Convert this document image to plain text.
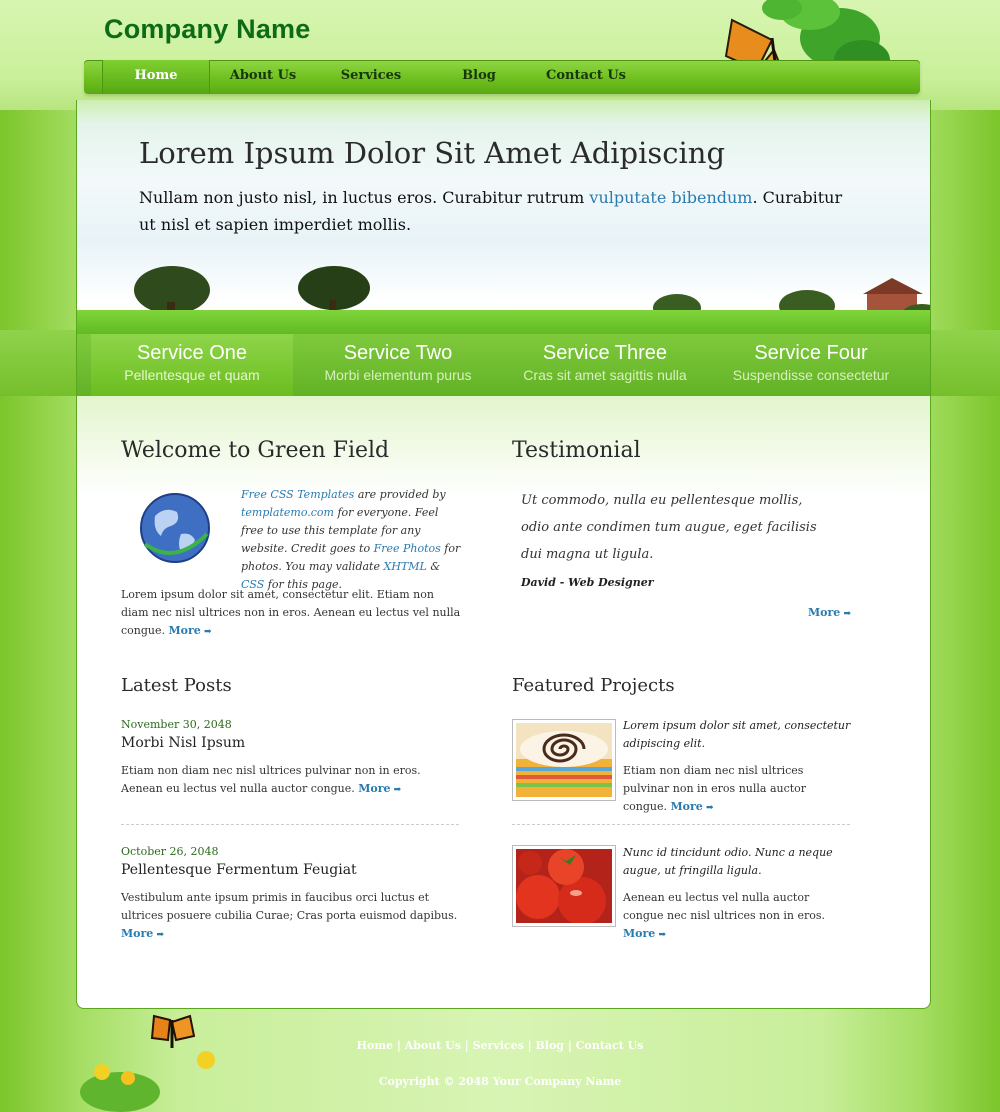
Company Name
Home	About Us	Services	Blog	Contact Us
Lorem Ipsum Dolor Sit Amet Adipiscing

Nullam non justo nisl, in luctus eros. Curabitur rutrum vulputate bibendum. Curabitur ut nisl et sapien imperdiet mollis.

Service One
Pellentesque et quam
Service Two
Morbi elementum purus
Service Three
Cras sit amet sagittis nulla
Service Four
Suspendisse consectetur
Welcome to Green Field
Free CSS Templates are provided by templatemo.com for everyone. Feel free to use this template for any website. Credit goes to Free Photos for photos. You may validate XHTML & CSS for this page.
Lorem ipsum dolor sit amet, consectetur elit. Etiam non diam nec nisl ultrices non in eros. Aenean eu lectus vel nulla congue. More ➡
Testimonial
Ut commodo, nulla eu pellentesque mollis, odio ante condimen tum augue, eget facilisis dui magna ut ligula.
David - Web Designer
More ➡
Latest Posts
November 30, 2048
Morbi Nisl Ipsum
Etiam non diam nec nisl ultrices pulvinar non in eros. Aenean eu lectus vel nulla auctor congue. More ➡
October 26, 2048
Pellentesque Fermentum Feugiat
Vestibulum ante ipsum primis in faucibus orci luctus et ultrices posuere cubilia Curae; Cras porta euismod dapibus. More ➡
Featured Projects
Lorem ipsum dolor sit amet, consectetur adipiscing elit.
Etiam non diam nec nisl ultrices pulvinar non in eros nulla auctor congue. More ➡
Nunc id tincidunt odio. Nunc a neque augue, ut fringilla ligula.
Aenean eu lectus vel nulla auctor congue nec nisl ultrices non in eros. More ➡
Home | About Us | Services | Blog | Contact Us
Copyright © 2048 Your Company Name
